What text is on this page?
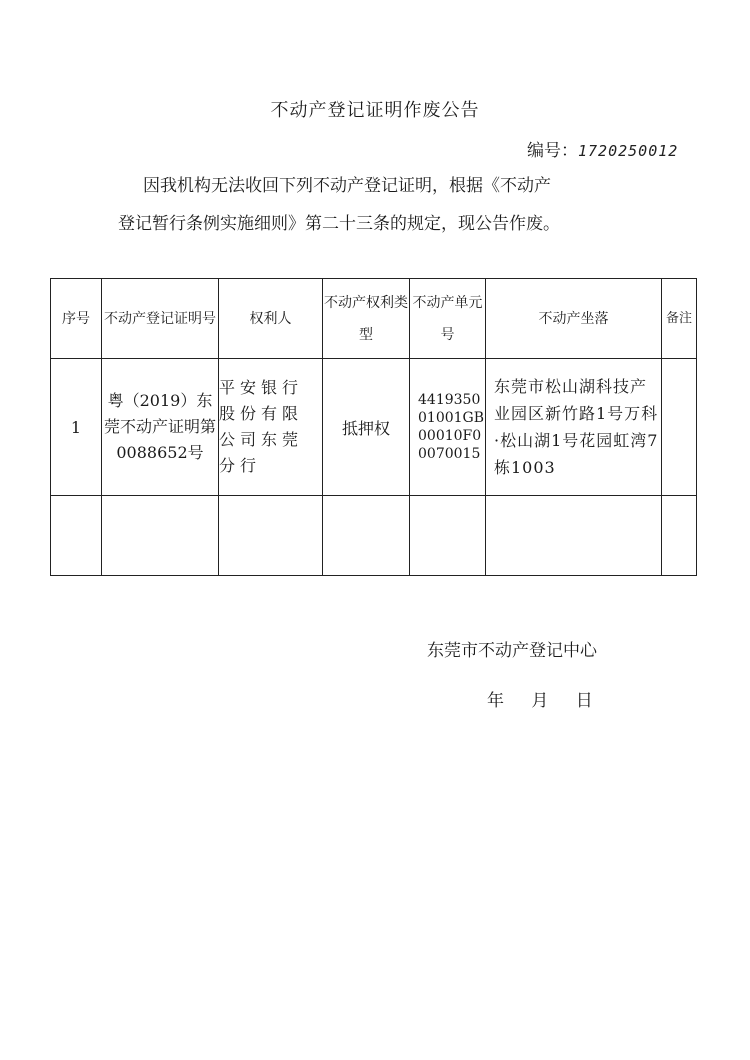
不动产登记证明作废公告
编号：1720250012
因我机构无法收回下列不动产登记证明，根据《不动产
登记暂行条例实施细则》第二十三条的规定，现公告作废。
序号	不动产登记证明号	权利人	不动产权利类型	不动产单元号	不动产坐落	备注
1	粤（2019）东莞不动产证明第0088652号	平安银行股份有限公司东莞分行	抵押权	441935001001GB00010F00070015	东莞市松山湖科技产业园区新竹路1号万科·松山湖1号花园虹湾7栋1003	

东莞市不动产登记中心
年 月 日
